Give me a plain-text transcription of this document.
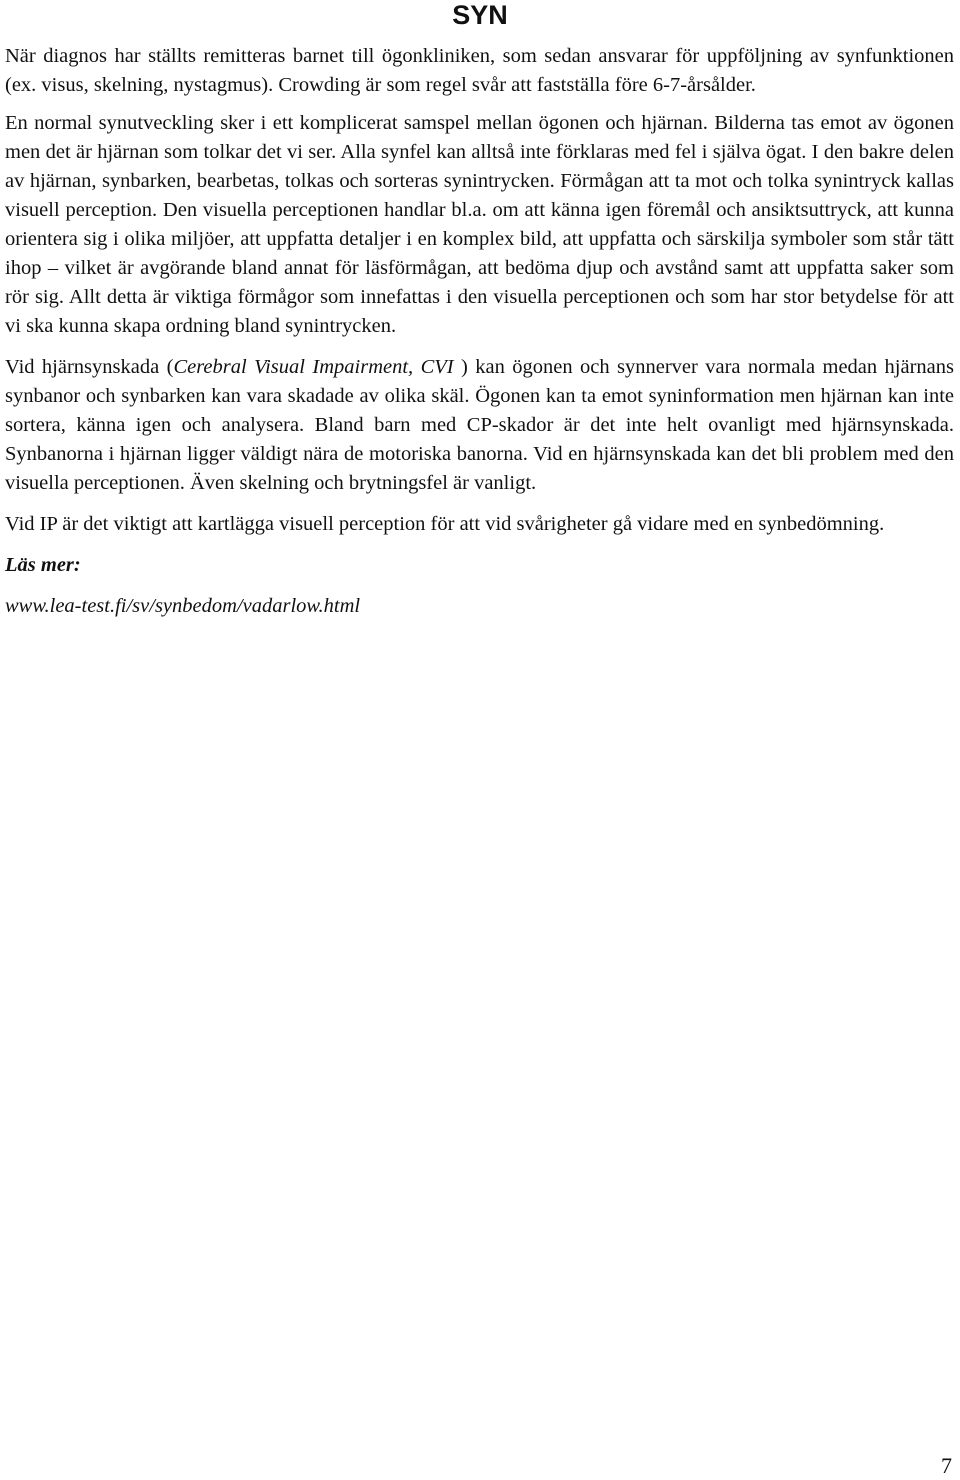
SYN

När diagnos har ställts remitteras barnet till ögonkliniken, som sedan ansvarar för uppföljning av synfunktionen (ex. visus, skelning, nystagmus). Crowding är som regel svår att fastställa före 6-7-årsålder.

En normal synutveckling sker i ett komplicerat samspel mellan ögonen och hjärnan. Bilderna tas emot av ögonen men det är hjärnan som tolkar det vi ser. Alla synfel kan alltså inte förklaras med fel i själva ögat. I den bakre delen av hjärnan, synbarken, bearbetas, tolkas och sorteras synintrycken. Förmågan att ta mot och tolka synintryck kallas visuell perception. Den visuella perceptionen handlar bl.a. om att känna igen föremål och ansiktsuttryck, att kunna orientera sig i olika miljöer, att uppfatta detaljer i en komplex bild, att uppfatta och särskilja symboler som står tätt ihop – vilket är avgörande bland annat för läsförmågan, att bedöma djup och avstånd samt att uppfatta saker som rör sig. Allt detta är viktiga förmågor som innefattas i den visuella perceptionen och som har stor betydelse för att vi ska kunna skapa ordning bland synintrycken.

Vid hjärnsynskada (Cerebral Visual Impairment, CVI ) kan ögonen och synnerver vara normala medan hjärnans synbanor och synbarken kan vara skadade av olika skäl. Ögonen kan ta emot syninformation men hjärnan kan inte sortera, känna igen och analysera. Bland barn med CP-skador är det inte helt ovanligt med hjärnsynskada. Synbanorna i hjärnan ligger väldigt nära de motoriska banorna. Vid en hjärnsynskada kan det bli problem med den visuella perceptionen. Även skelning och brytningsfel är vanligt.

Vid IP är det viktigt att kartlägga visuell perception för att vid svårigheter gå vidare med en synbedömning.

Läs mer:

www.lea-test.fi/sv/synbedom/vadarlow.html

7
